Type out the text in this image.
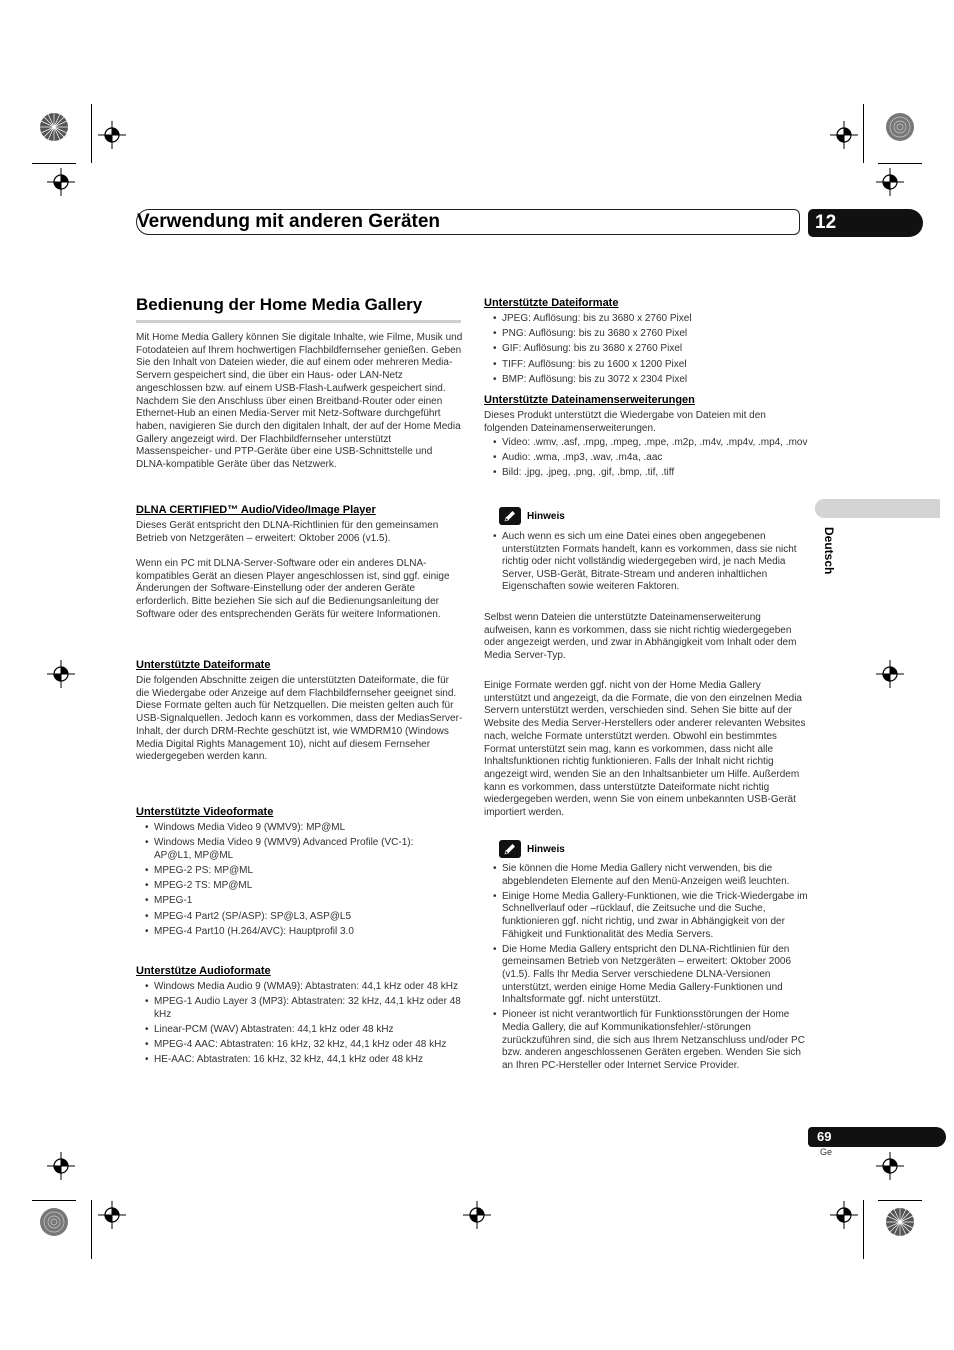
Verwendung mit anderen Geräten	12
Bedienung der Home Media Gallery

Mit Home Media Gallery können Sie digitale Inhalte, wie Filme, Musik und Fotodateien auf Ihrem hochwertigen Flachbildfernseher genießen. Geben Sie den Inhalt von Dateien wieder, die auf einem oder mehreren Media-Servern gespeichert sind, die über ein Haus- oder LAN-Netz angeschlossen bzw. auf einem USB-Flash-Laufwerk gespeichert sind. Nachdem Sie den Anschluss über einen Breitband-Router oder einen Ethernet-Hub an einen Media-Server mit Netz-Software durchgeführt haben, navigieren Sie durch den digitalen Inhalt, der auf der Home Media Gallery angezeigt wird. Der Flachbildfernseher unterstützt Massenspeicher- und PTP-Geräte über eine USB-Schnittstelle und DLNA-kompatible Geräte über das Netzwerk.

DLNA CERTIFIED™ Audio/Video/Image Player

Dieses Gerät entspricht den DLNA-Richtlinien für den gemeinsamen Betrieb von Netzgeräten – erweitert: Oktober 2006 (v1.5).

Wenn ein PC mit DLNA-Server-Software oder ein anderes DLNA-kompatibles Gerät an diesen Player angeschlossen ist, sind ggf. einige Änderungen der Software-Einstellung oder der anderen Geräte erforderlich. Bitte beziehen Sie sich auf die Bedienungsanleitung der Software oder des entsprechenden Geräts für weitere Informationen.

Unterstützte Dateiformate

Die folgenden Abschnitte zeigen die unterstützten Dateiformate, die für die Wiedergabe oder Anzeige auf dem Flachbildfernseher geeignet sind. Diese Formate gelten auch für Netzquellen. Die meisten gelten auch für USB-Signalquellen. Jedoch kann es vorkommen, dass der MediasServer-Inhalt, der durch DRM-Rechte geschützt ist, wie WMDRM10 (Windows Media Digital Rights Management 10), nicht auf diesem Fernseher wiedergegeben werden kann.

Unterstützte Videoformate

• Windows Media Video 9 (WMV9): MP@ML
• Windows Media Video 9 (WMV9) Advanced Profile (VC-1): AP@L1, MP@ML
• MPEG-2 PS: MP@ML
• MPEG-2 TS: MP@ML
• MPEG-1
• MPEG-4 Part2 (SP/ASP): SP@L3, ASP@L5
• MPEG-4 Part10 (H.264/AVC): Hauptprofil 3.0

Unterstütze Audioformate

• Windows Media Audio 9 (WMA9): Abtastraten: 44,1 kHz oder 48 kHz
• MPEG-1 Audio Layer 3 (MP3): Abtastraten: 32 kHz, 44,1 kHz oder 48 kHz
• Linear-PCM (WAV) Abtastraten: 44,1 kHz oder 48 kHz
• MPEG-4 AAC: Abtastraten: 16 kHz, 32 kHz, 44,1 kHz oder 48 kHz
• HE-AAC: Abtastraten: 16 kHz, 32 kHz, 44,1 kHz oder 48 kHz

Unterstützte Dateiformate

• JPEG: Auflösung: bis zu 3680 x 2760 Pixel
• PNG: Auflösung: bis zu 3680 x 2760 Pixel
• GIF: Auflösung: bis zu 3680 x 2760 Pixel
• TIFF: Auflösung: bis zu 1600 x 1200 Pixel
• BMP: Auflösung: bis zu 3072 x 2304 Pixel

Unterstützte Dateinamenserweiterungen

Dieses Produkt unterstützt die Wiedergabe von Dateien mit den folgenden Dateinamenserweiterungen.

• Video: .wmv, .asf, .mpg, .mpeg, .mpe, .m2p, .m4v, .mp4v, .mp4, .mov
• Audio: .wma, .mp3, .wav, .m4a, .aac
• Bild: .jpg, .jpeg, .png, .gif, .bmp, .tif, .tiff
Hinweis
• Auch wenn es sich um eine Datei eines oben angegebenen unterstützten Formats handelt, kann es vorkommen, dass sie nicht richtig oder nicht vollständig wiedergegeben wird, je nach Media Server, USB-Gerät, Bitrate-Stream und anderen inhaltlichen Eigenschaften sowie weiteren Faktoren.

Selbst wenn Dateien die unterstützte Dateinamenserweiterung aufweisen, kann es vorkommen, dass sie nicht richtig wiedergegeben oder angezeigt werden, und zwar in Abhängigkeit vom Inhalt oder dem Media Server-Typ.

Einige Formate werden ggf. nicht von der Home Media Gallery unterstützt und angezeigt, da die Formate, die von den einzelnen Media Servern unterstützt werden, verschieden sind. Sehen Sie bitte auf der Website des Media Server-Herstellers oder anderer relevanten Websites nach, welche Formate unterstützt werden. Obwohl ein bestimmtes Format unterstützt sein mag, kann es vorkommen, dass nicht alle Inhaltsfunktionen richtig funktionieren. Falls der Inhalt nicht richtig angezeigt wird, wenden Sie an den Inhaltsanbieter um Hilfe. Außerdem kann es vorkommen, dass unterstützte Dateiformate nicht richtig wiedergegeben werden, wenn Sie von einem unbekannten USB-Gerät importiert werden.

Hinweis
• Sie können die Home Media Gallery nicht verwenden, bis die abgeblendeten Elemente auf den Menü-Anzeigen weiß leuchten.
• Einige Home Media Gallery-Funktionen, wie die Trick-Wiedergabe im Schnellverlauf oder –rücklauf, die Zeitsuche und die Suche, funktionieren ggf. nicht richtig, und zwar in Abhängigkeit von der Fähigkeit und Funktionalität des Media Servers.
• Die Home Media Gallery entspricht den DLNA-Richtlinien für den gemeinsamen Betrieb von Netzgeräten – erweitert: Oktober 2006 (v1.5). Falls Ihr Media Server verschiedene DLNA-Versionen unterstützt, werden einige Home Media Gallery-Funktionen und Inhaltsformate ggf. nicht unterstützt.
• Pioneer ist nicht verantwortlich für Funktionsstörungen der Home Media Gallery, die auf Kommunikationsfehler/-störungen zurückzuführen sind, die sich aus Ihrem Netzanschluss und/oder PC bzw. anderen angeschlossenen Geräten ergeben. Wenden Sie sich an Ihren PC-Hersteller oder Internet Service Provider.
Deutsch
69
Ge
